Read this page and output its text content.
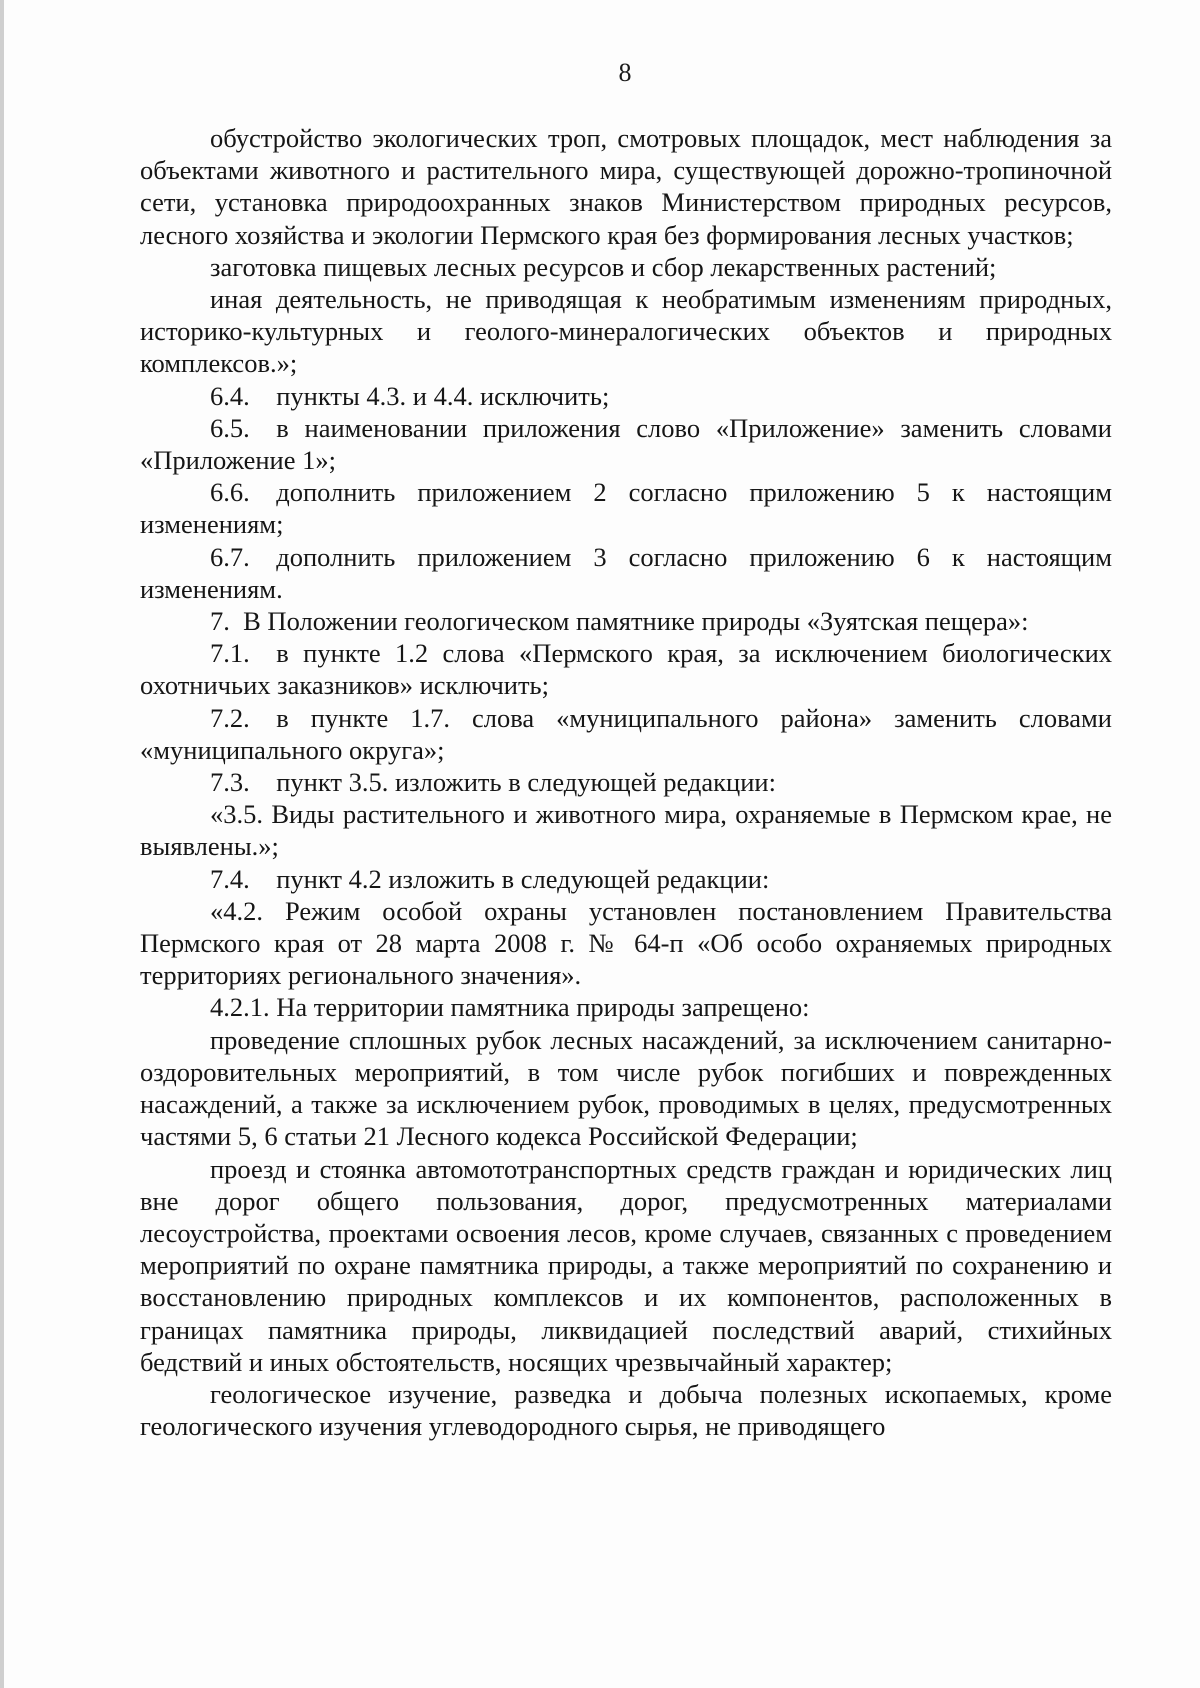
8

обустройство экологических троп, смотровых площадок, мест наблюдения за объектами животного и растительного мира, существующей дорожно-тропиночной сети, установка природоохранных знаков Министерством природных ресурсов, лесного хозяйства и экологии Пермского края без формирования лесных участков;

заготовка пищевых лесных ресурсов и сбор лекарственных растений;

иная деятельность, не приводящая к необратимым изменениям природных, историко-культурных и геолого-минералогических объектов и природных комплексов.»;

6.4. пункты 4.3. и 4.4. исключить;

6.5. в наименовании приложения слово «Приложение» заменить словами «Приложение 1»;

6.6. дополнить приложением 2 согласно приложению 5 к настоящим изменениям;

6.7. дополнить приложением 3 согласно приложению 6 к настоящим изменениям.

7. В Положении геологическом памятнике природы «Зуятская пещера»:

7.1. в пункте 1.2 слова «Пермского края, за исключением биологических охотничьих заказников» исключить;

7.2. в пункте 1.7. слова «муниципального района» заменить словами «муниципального округа»;

7.3. пункт 3.5. изложить в следующей редакции:

«3.5. Виды растительного и животного мира, охраняемые в Пермском крае, не выявлены.»;

7.4. пункт 4.2 изложить в следующей редакции:

«4.2. Режим особой охраны установлен постановлением Правительства Пермского края от 28 марта 2008 г. № 64-п «Об особо охраняемых природных территориях регионального значения».

4.2.1. На территории памятника природы запрещено:

проведение сплошных рубок лесных насаждений, за исключением санитарно-оздоровительных мероприятий, в том числе рубок погибших и поврежденных насаждений, а также за исключением рубок, проводимых в целях, предусмотренных частями 5, 6 статьи 21 Лесного кодекса Российской Федерации;

проезд и стоянка автомототранспортных средств граждан и юридических лиц вне дорог общего пользования, дорог, предусмотренных материалами лесоустройства, проектами освоения лесов, кроме случаев, связанных с проведением мероприятий по охране памятника природы, а также мероприятий по сохранению и восстановлению природных комплексов и их компонентов, расположенных в границах памятника природы, ликвидацией последствий аварий, стихийных бедствий и иных обстоятельств, носящих чрезвычайный характер;

геологическое изучение, разведка и добыча полезных ископаемых, кроме геологического изучения углеводородного сырья, не приводящего
